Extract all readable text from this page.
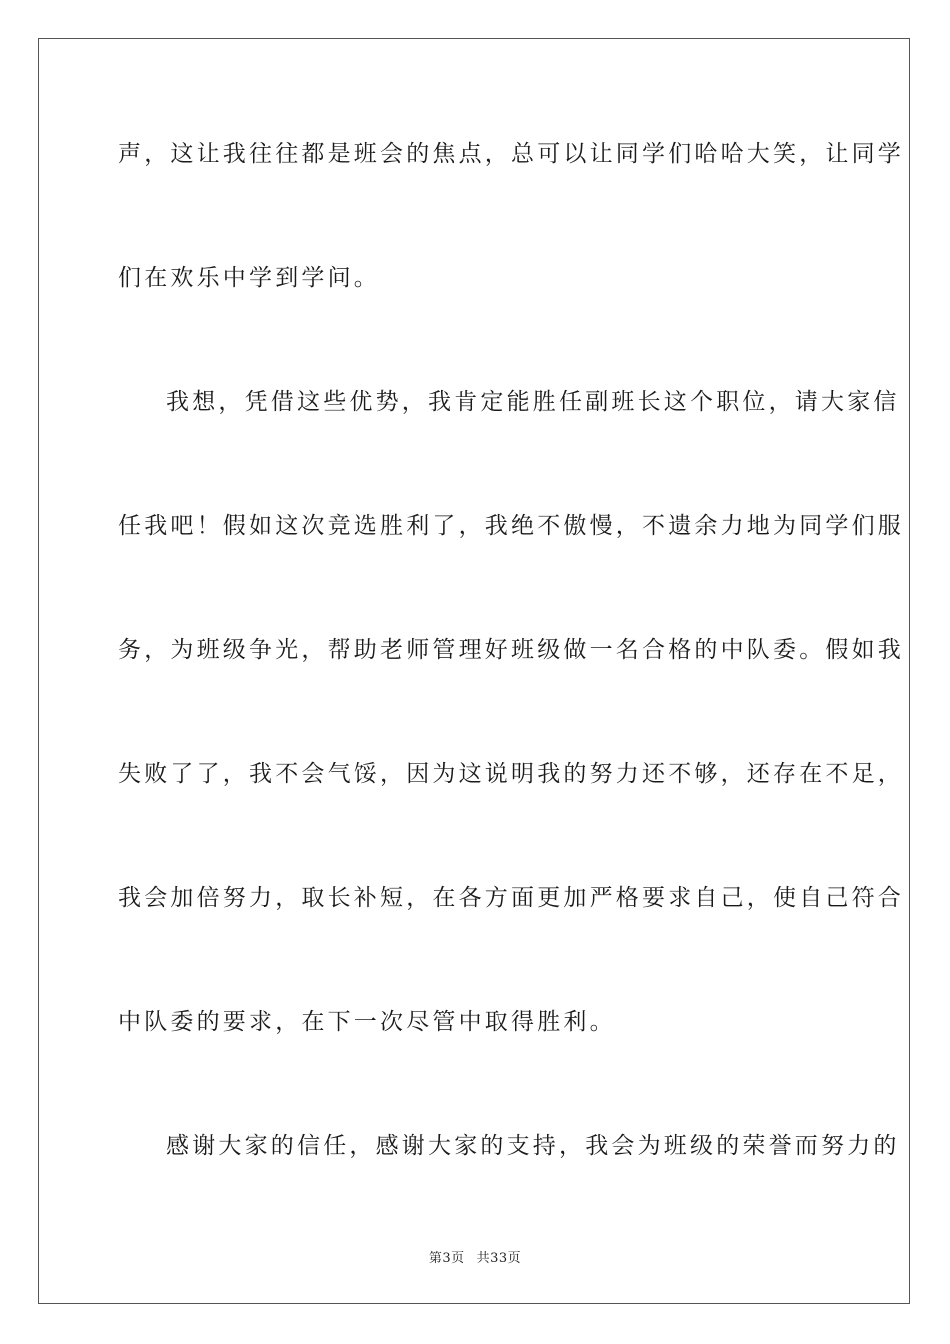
声，这让我往往都是班会的焦点，总可以让同学们哈哈大笑，让同学
们在欢乐中学到学问。
我想，凭借这些优势，我肯定能胜任副班长这个职位，请大家信
任我吧！假如这次竞选胜利了，我绝不傲慢，不遗余力地为同学们服
务，为班级争光，帮助老师管理好班级做一名合格的中队委。假如我
失败了了，我不会气馁，因为这说明我的努力还不够，还存在不足，
我会加倍努力，取长补短，在各方面更加严格要求自己，使自己符合
中队委的要求，在下一次尽管中取得胜利。
感谢大家的信任，感谢大家的支持，我会为班级的荣誉而努力的
第3页 共33页
